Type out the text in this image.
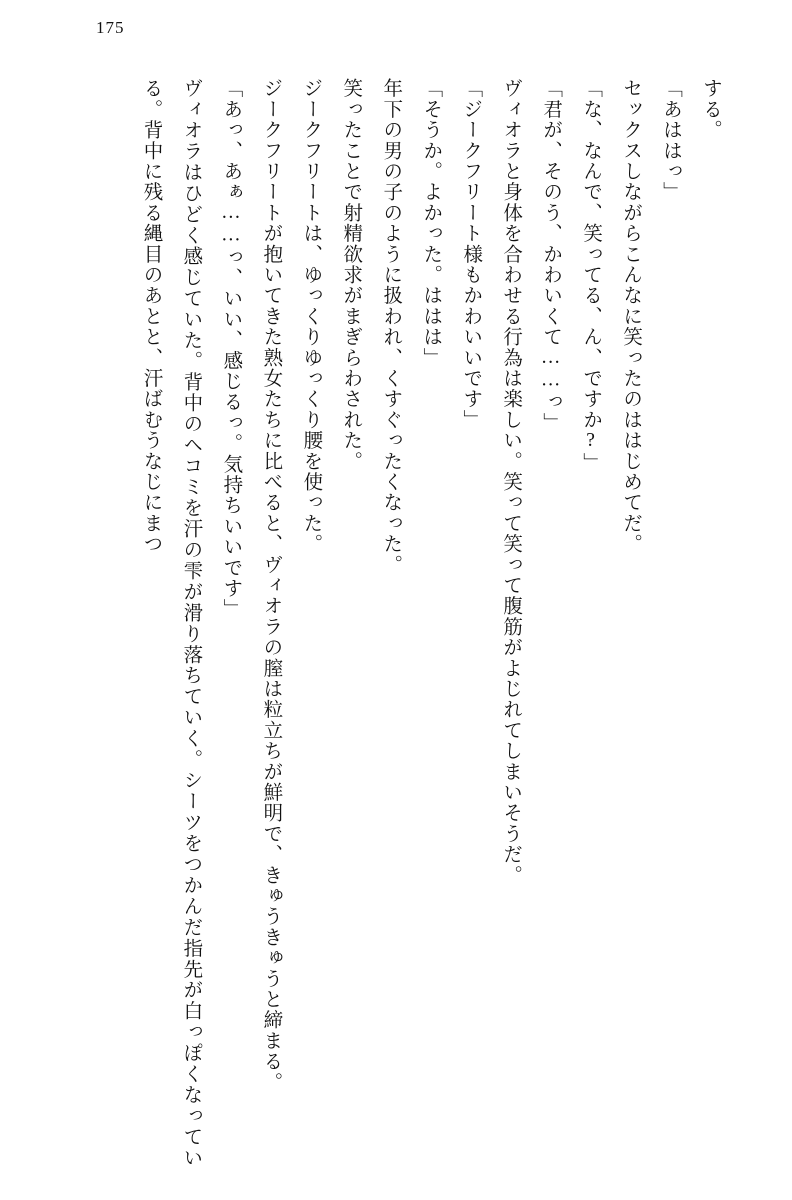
175

する。

「あははっ」

セックスしながらこんなに笑ったのははじめてだ。

「な、なんで、笑ってる、ん、ですか?」

「君が、そのう、かわいくて……っ」

ヴィオラと身体を合わせる行為は楽しい。笑って笑って腹筋がよじれてしまいそうだ。

「ジークフリート様もかわいいです」

「そうか。よかった。ははは」

年下の男の子のように扱われ、くすぐったくなった。

笑ったことで射精欲求がまぎらわされた。

ジークフリートは、ゆっくりゆっくり腰を使った。

ジークフリートが抱いてきた熟女たちに比べると、ヴィオラの膣は粒立ちが鮮明で、きゅうきゅうと締まる。

「あっ、あぁ……っ、いい、感じるっ。気持ちいいです」

ヴィオラはひどく感じていた。背中のヘコミを汗の雫が滑り落ちていく。シーツをつかんだ指先が白っぽくなっている。背中に残る縄目のあとと、汗ばむうなじにまつ
